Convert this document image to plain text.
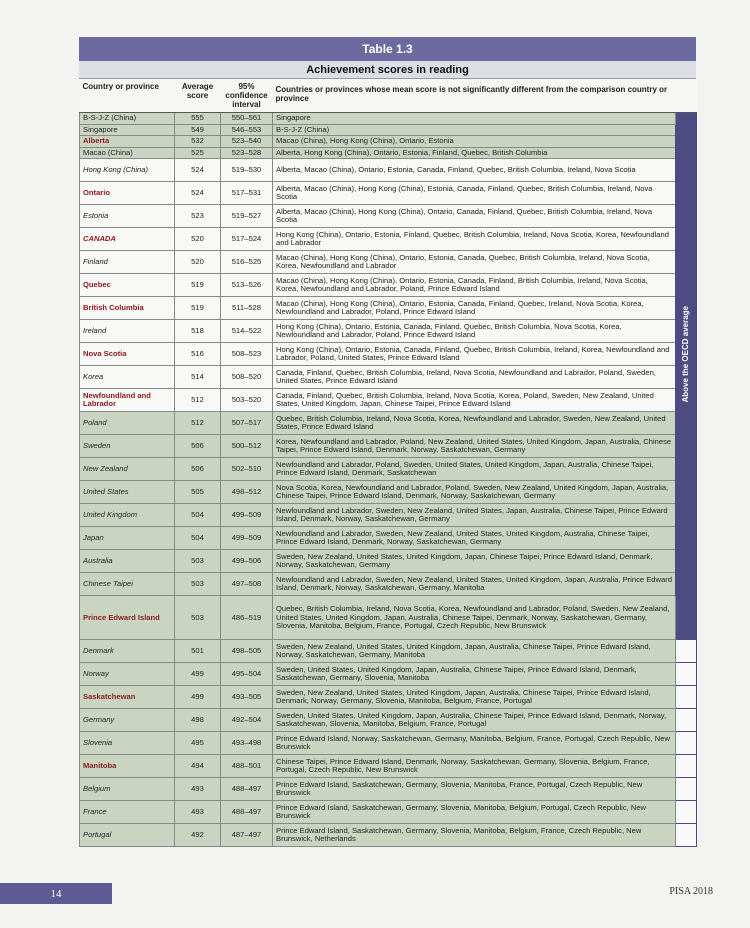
Table 1.3
Achievement scores in reading
Country or province	Average score	95% confidence interval	Countries or provinces whose mean score is not significantly different from the comparison country or province	
B-S-J-Z (China)	555	550–561	Singapore	Above the OECD average

Singapore	549	546–553	B-S-J-Z (China)	
Alberta	532	523–540	Macao (China), Hong Kong (China), Ontario, Estonia	
Macao (China)	525	523–528	Alberta, Hong Kong (China), Ontario, Estonia, Finland, Quebec, British Columbia	
Hong Kong (China)	524	519–530	Alberta, Macao (China), Ontario, Estonia, Canada, Finland, Quebec, British Columbia, Ireland, Nova Scotia	
Ontario	524	517–531	Alberta, Macao (China), Hong Kong (China), Estonia, Canada, Finland, Quebec, British Columbia, Ireland, Nova Scotia	
Estonia	523	519–527	Alberta, Macao (China), Hong Kong (China), Ontario, Canada, Finland, Quebec, British Columbia, Ireland, Nova Scotia	
CANADA	520	517–524	Hong Kong (China), Ontario, Estonia, Finland, Quebec, British Columbia, Ireland, Nova Scotia, Korea, Newfoundland and Labrador	
Finland	520	516–525	Macao (China), Hong Kong (China), Ontario, Estonia, Canada, Quebec, British Columbia, Ireland, Nova Scotia, Korea, Newfoundland and Labrador	
Quebec	519	513–526	Macao (China), Hong Kong (China), Ontario, Estonia, Canada, Finland, British Columbia, Ireland, Nova Scotia, Korea, Newfoundland and Labrador, Poland, Prince Edward Island	
British Columbia	519	511–528	Macao (China), Hong Kong (China), Ontario, Estonia, Canada, Finland, Quebec, Ireland, Nova Scotia, Korea, Newfoundland and Labrador, Poland, Prince Edward Island	
Ireland	518	514–522	Hong Kong (China), Ontario, Estonia, Canada, Finland, Quebec, British Columbia, Nova Scotia, Korea, Newfoundland and Labrador, Poland, Prince Edward Island	
Nova Scotia	516	508–523	Hong Kong (China), Ontario, Estonia, Canada, Finland, Quebec, British Columbia, Ireland, Korea, Newfoundland and Labrador, Poland, United States, Prince Edward Island	
Korea	514	508–520	Canada, Finland, Quebec, British Columbia, Ireland, Nova Scotia, Newfoundland and Labrador, Poland, Sweden, United States, Prince Edward Island	
Newfoundland and Labrador	512	503–520	Canada, Finland, Quebec, British Columbia, Ireland, Nova Scotia, Korea, Poland, Sweden, New Zealand, United States, United Kingdom, Japan, Chinese Taipei, Prince Edward Island	
Poland	512	507–517	Quebec, British Columbia, Ireland, Nova Scotia, Korea, Newfoundland and Labrador, Sweden, New Zealand, United States, Prince Edward Island	
Sweden	506	500–512	Korea, Newfoundland and Labrador, Poland, New Zealand, United States, United Kingdom, Japan, Australia, Chinese Taipei, Prince Edward Island, Denmark, Norway, Saskatchewan, Germany	
New Zealand	506	502–510	Newfoundland and Labrador, Poland, Sweden, United States, United Kingdom, Japan, Australia, Chinese Taipei, Prince Edward Island, Denmark, Saskatchewan	
United States	505	498–512	Nova Scotia, Korea, Newfoundland and Labrador, Poland, Sweden, New Zealand, United Kingdom, Japan, Australia, Chinese Taipei, Prince Edward Island, Denmark, Norway, Saskatchewan, Germany	
United Kingdom	504	499–509	Newfoundland and Labrador, Sweden, New Zealand, United States, Japan, Australia, Chinese Taipei, Prince Edward Island, Denmark, Norway, Saskatchewan, Germany	
Japan	504	499–509	Newfoundland and Labrador, Sweden, New Zealand, United States, United Kingdom, Australia, Chinese Taipei, Prince Edward Island, Denmark, Norway, Saskatchewan, Germany	
Australia	503	499–506	Sweden, New Zealand, United States, United Kingdom, Japan, Chinese Taipei, Prince Edward Island, Denmark, Norway, Saskatchewan, Germany	
Chinese Taipei	503	497–508	Newfoundland and Labrador, Sweden, New Zealand, United States, United Kingdom, Japan, Australia, Prince Edward Island, Denmark, Norway, Saskatchewan, Germany, Manitoba	
Prince Edward Island	503	486–519	Quebec, British Columbia, Ireland, Nova Scotia, Korea, Newfoundland and Labrador, Poland, Sweden, New Zealand, United States, United Kingdom, Japan, Australia, Chinese Taipei, Denmark, Norway, Saskatchewan, Germany, Slovenia, Manitoba, Belgium, France, Portugal, Czech Republic, New Brunswick	
Denmark	501	498–505	Sweden, New Zealand, United States, United Kingdom, Japan, Australia, Chinese Taipei, Prince Edward Island, Norway, Saskatchewan, Germany, Manitoba	
Norway	499	495–504	Sweden, United States, United Kingdom, Japan, Australia, Chinese Taipei, Prince Edward Island, Denmark, Saskatchewan, Germany, Slovenia, Manitoba	
Saskatchewan	499	493–505	Sweden, New Zealand, United States, United Kingdom, Japan, Australia, Chinese Taipei, Prince Edward Island, Denmark, Norway, Germany, Slovenia, Manitoba, Belgium, France, Portugal	
Germany	498	492–504	Sweden, United States, United Kingdom, Japan, Australia, Chinese Taipei, Prince Edward Island, Denmark, Norway, Saskatchewan, Slovenia, Manitoba, Belgium, France, Portugal	
Slovenia	495	493–498	Prince Edward Island, Norway, Saskatchewan, Germany, Manitoba, Belgium, France, Portugal, Czech Republic, New Brunswick	
Manitoba	494	488–501	Chinese Taipei, Prince Edward Island, Denmark, Norway, Saskatchewan, Germany, Slovenia, Belgium, France, Portugal, Czech Republic, New Brunswick	
Belgium	493	488–497	Prince Edward Island, Saskatchewan, Germany, Slovenia, Manitoba, France, Portugal, Czech Republic, New Brunswick	
France	493	488–497	Prince Edward Island, Saskatchewan, Germany, Slovenia, Manitoba, Belgium, Portugal, Czech Republic, New Brunswick	
Portugal	492	487–497	Prince Edward Island, Saskatchewan, Germany, Slovenia, Manitoba, Belgium, France, Czech Republic, New Brunswick, Netherlands	
14	PISA 2018
